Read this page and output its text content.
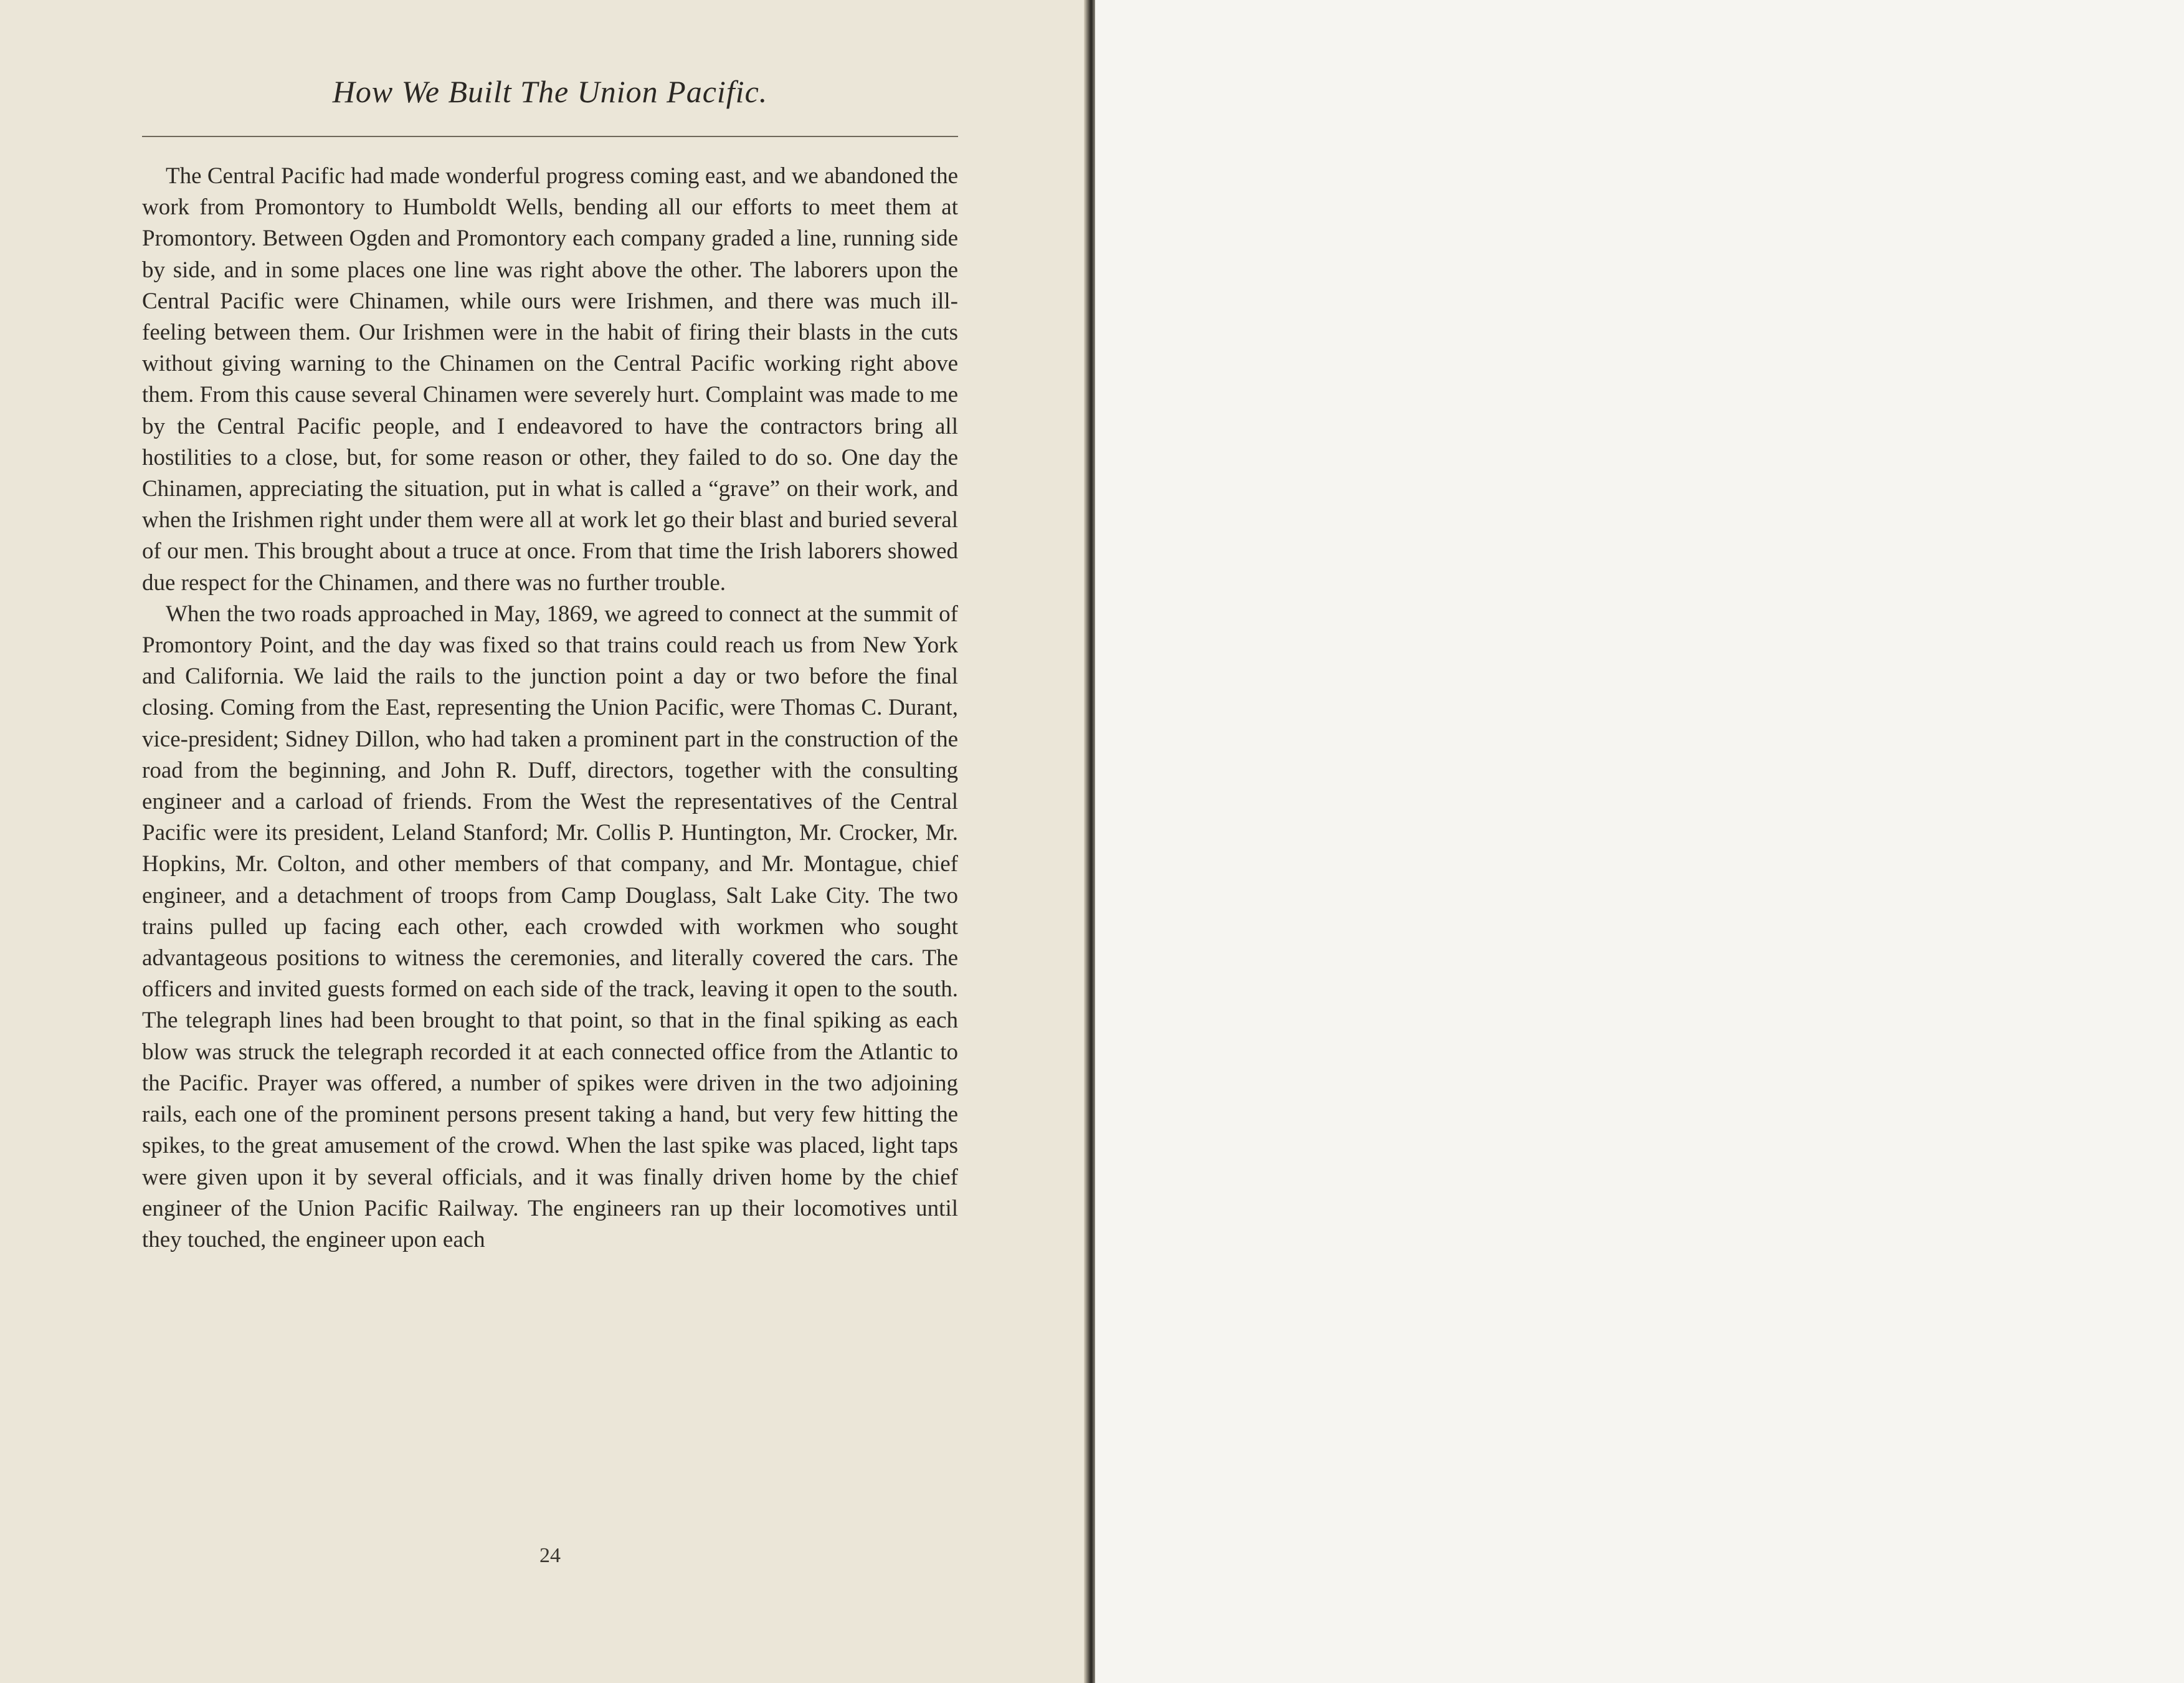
How We Built The Union Pacific.

The Central Pacific had made wonderful progress coming east, and we abandoned the work from Promontory to Humboldt Wells, bending all our efforts to meet them at Promontory. Between Ogden and Promontory each company graded a line, running side by side, and in some places one line was right above the other. The laborers upon the Central Pacific were Chinamen, while ours were Irishmen, and there was much ill-feeling between them. Our Irishmen were in the habit of firing their blasts in the cuts without giving warning to the Chinamen on the Central Pacific working right above them. From this cause several Chinamen were severely hurt. Complaint was made to me by the Central Pacific people, and I endeavored to have the contractors bring all hostilities to a close, but, for some reason or other, they failed to do so. One day the Chinamen, appreciating the situation, put in what is called a “grave” on their work, and when the Irishmen right under them were all at work let go their blast and buried several of our men. This brought about a truce at once. From that time the Irish laborers showed due respect for the Chinamen, and there was no further trouble.

When the two roads approached in May, 1869, we agreed to connect at the summit of Promontory Point, and the day was fixed so that trains could reach us from New York and California. We laid the rails to the junction point a day or two before the final closing. Coming from the East, representing the Union Pacific, were Thomas C. Durant, vice-president; Sidney Dillon, who had taken a prominent part in the construction of the road from the beginning, and John R. Duff, directors, together with the consulting engineer and a carload of friends. From the West the representatives of the Central Pacific were its president, Leland Stanford; Mr. Collis P. Huntington, Mr. Crocker, Mr. Hopkins, Mr. Colton, and other members of that company, and Mr. Montague, chief engineer, and a detachment of troops from Camp Douglass, Salt Lake City. The two trains pulled up facing each other, each crowded with workmen who sought advantageous positions to witness the ceremonies, and literally covered the cars. The officers and invited guests formed on each side of the track, leaving it open to the south. The telegraph lines had been brought to that point, so that in the final spiking as each blow was struck the telegraph recorded it at each connected office from the Atlantic to the Pacific. Prayer was offered, a number of spikes were driven in the two adjoining rails, each one of the prominent persons present taking a hand, but very few hitting the spikes, to the great amusement of the crowd. When the last spike was placed, light taps were given upon it by several officials, and it was finally driven home by the chief engineer of the Union Pacific Railway. The engineers ran up their locomotives until they touched, the engineer upon each

24
